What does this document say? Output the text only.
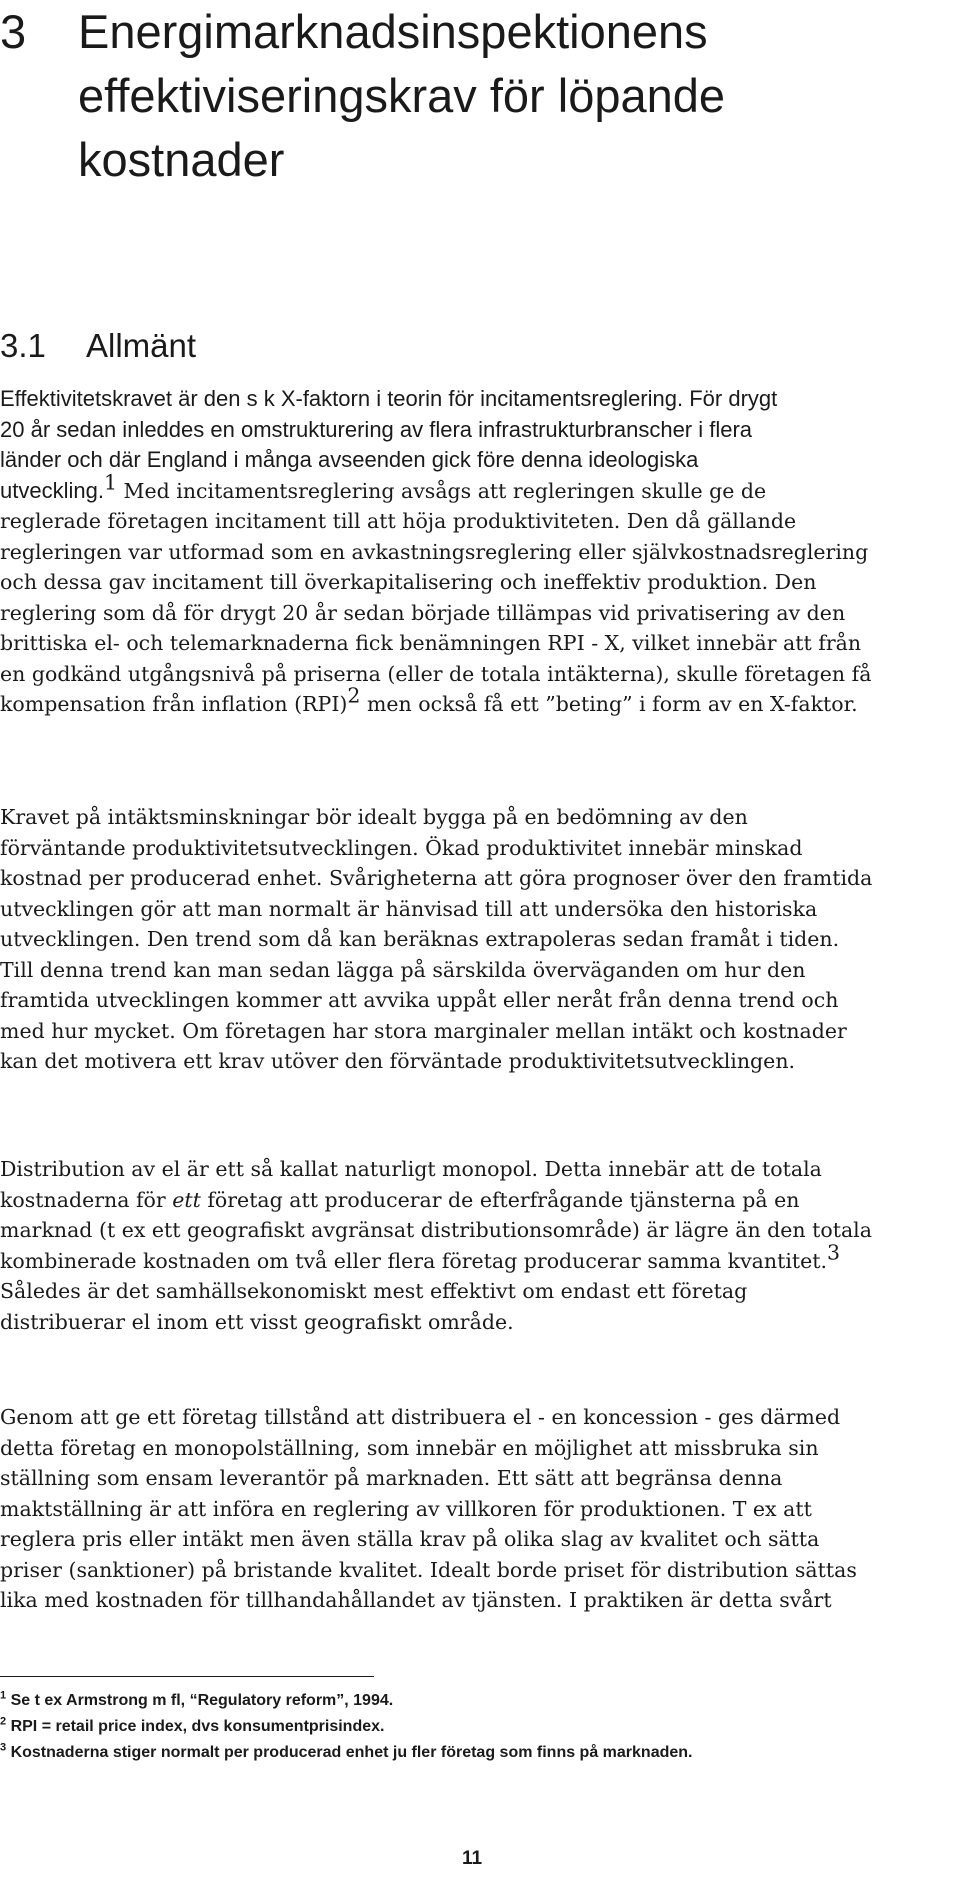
3 Energimarknadsinspektionens
effektiviseringskrav för löpande
kostnader
3.1 Allmänt
Effektivitetskravet är den s k X-faktorn i teorin för incitamentsreglering. För drygt
20 år sedan inleddes en omstrukturering av flera infrastrukturbranscher i flera
länder och där England i många avseenden gick före denna ideologiska
utveckling.$^1$ Med incitamentsreglering avsågs att regleringen skulle ge de
reglerade företagen incitament till att höja produktiviteten. Den då gällande
regleringen var utformad som en avkastningsreglering eller självkostnadsreglering
och dessa gav incitament till överkapitalisering och ineffektiv produktion. Den
reglering som då för drygt 20 år sedan började tillämpas vid privatisering av den
brittiska el- och telemarknaderna fick benämningen RPI - X, vilket innebär att från
en godkänd utgångsnivå på priserna (eller de totala intäkterna), skulle företagen få
kompensation från inflation (RPI)$^2$ men också få ett ”beting” i form av en X-faktor.
Kravet på intäktsminskningar bör idealt bygga på en bedömning av den
förväntande produktivitetsutvecklingen. Ökad produktivitet innebär minskad
kostnad per producerad enhet. Svårigheterna att göra prognoser över den framtida
utvecklingen gör att man normalt är hänvisad till att undersöka den historiska
utvecklingen. Den trend som då kan beräknas extrapoleras sedan framåt i tiden.
Till denna trend kan man sedan lägga på särskilda överväganden om hur den
framtida utvecklingen kommer att avvika uppåt eller neråt från denna trend och
med hur mycket. Om företagen har stora marginaler mellan intäkt och kostnader
kan det motivera ett krav utöver den förväntade produktivitetsutvecklingen.
Distribution av el är ett så kallat naturligt monopol. Detta innebär att de totala
kostnaderna för ett företag att producerar de efterfrågande tjänsterna på en
marknad (t ex ett geografiskt avgränsat distributionsområde) är lägre än den totala
kombinerade kostnaden om två eller flera företag producerar samma kvantitet.$^3$
Således är det samhällsekonomiskt mest effektivt om endast ett företag
distribuerar el inom ett visst geografiskt område.
Genom att ge ett företag tillstånd att distribuera el - en koncession - ges därmed
detta företag en monopolställning, som innebär en möjlighet att missbruka sin
ställning som ensam leverantör på marknaden. Ett sätt att begränsa denna
maktställning är att införa en reglering av villkoren för produktionen. T ex att
reglera pris eller intäkt men även ställa krav på olika slag av kvalitet och sätta
priser (sanktioner) på bristande kvalitet. Idealt borde priset för distribution sättas
lika med kostnaden för tillhandahållandet av tjänsten. I praktiken är detta svårt
$^1$ Se t ex Armstrong m fl, “Regulatory reform”, 1994.
$^2$ RPI = retail price index, dvs konsumentprisindex.
$^3$ Kostnaderna stiger normalt per producerad enhet ju fler företag som finns på marknaden.
11
